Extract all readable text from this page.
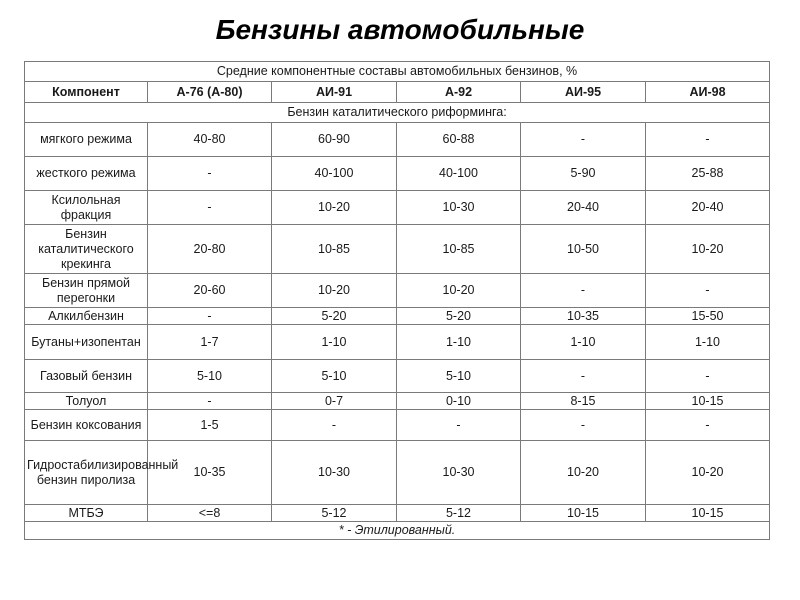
Бензины автомобильные
Средние компонентные составы автомобильных бензинов, %					
Компонент	А-76 (А-80)	АИ-91	А-92	АИ-95	АИ-98
Бензин каталитического риформинга:					
мягкого режима	40-80	60-90	60-88	-	-
жесткого режима	-	40-100	40-100	5-90	25-88
Ксилольная фракция	-	10-20	10-30	20-40	20-40
Бензин каталитического крекинга	20-80	10-85	10-85	10-50	10-20
Бензин прямой перегонки	20-60	10-20	10-20	-	-
Алкилбензин	-	5-20	5-20	10-35	15-50
Бутаны+изопентан	1-7	1-10	1-10	1-10	1-10
Газовый бензин	5-10	5-10	5-10	-	-
Толуол	-	0-7	0-10	8-15	10-15
Бензин коксования	1-5	-	-	-	-
Гидростабилизированный бензин пиролиза	10-35	10-30	10-30	10-20	10-20
МТБЭ	<=8	5-12	5-12	10-15	10-15
* - Этилированный.					
